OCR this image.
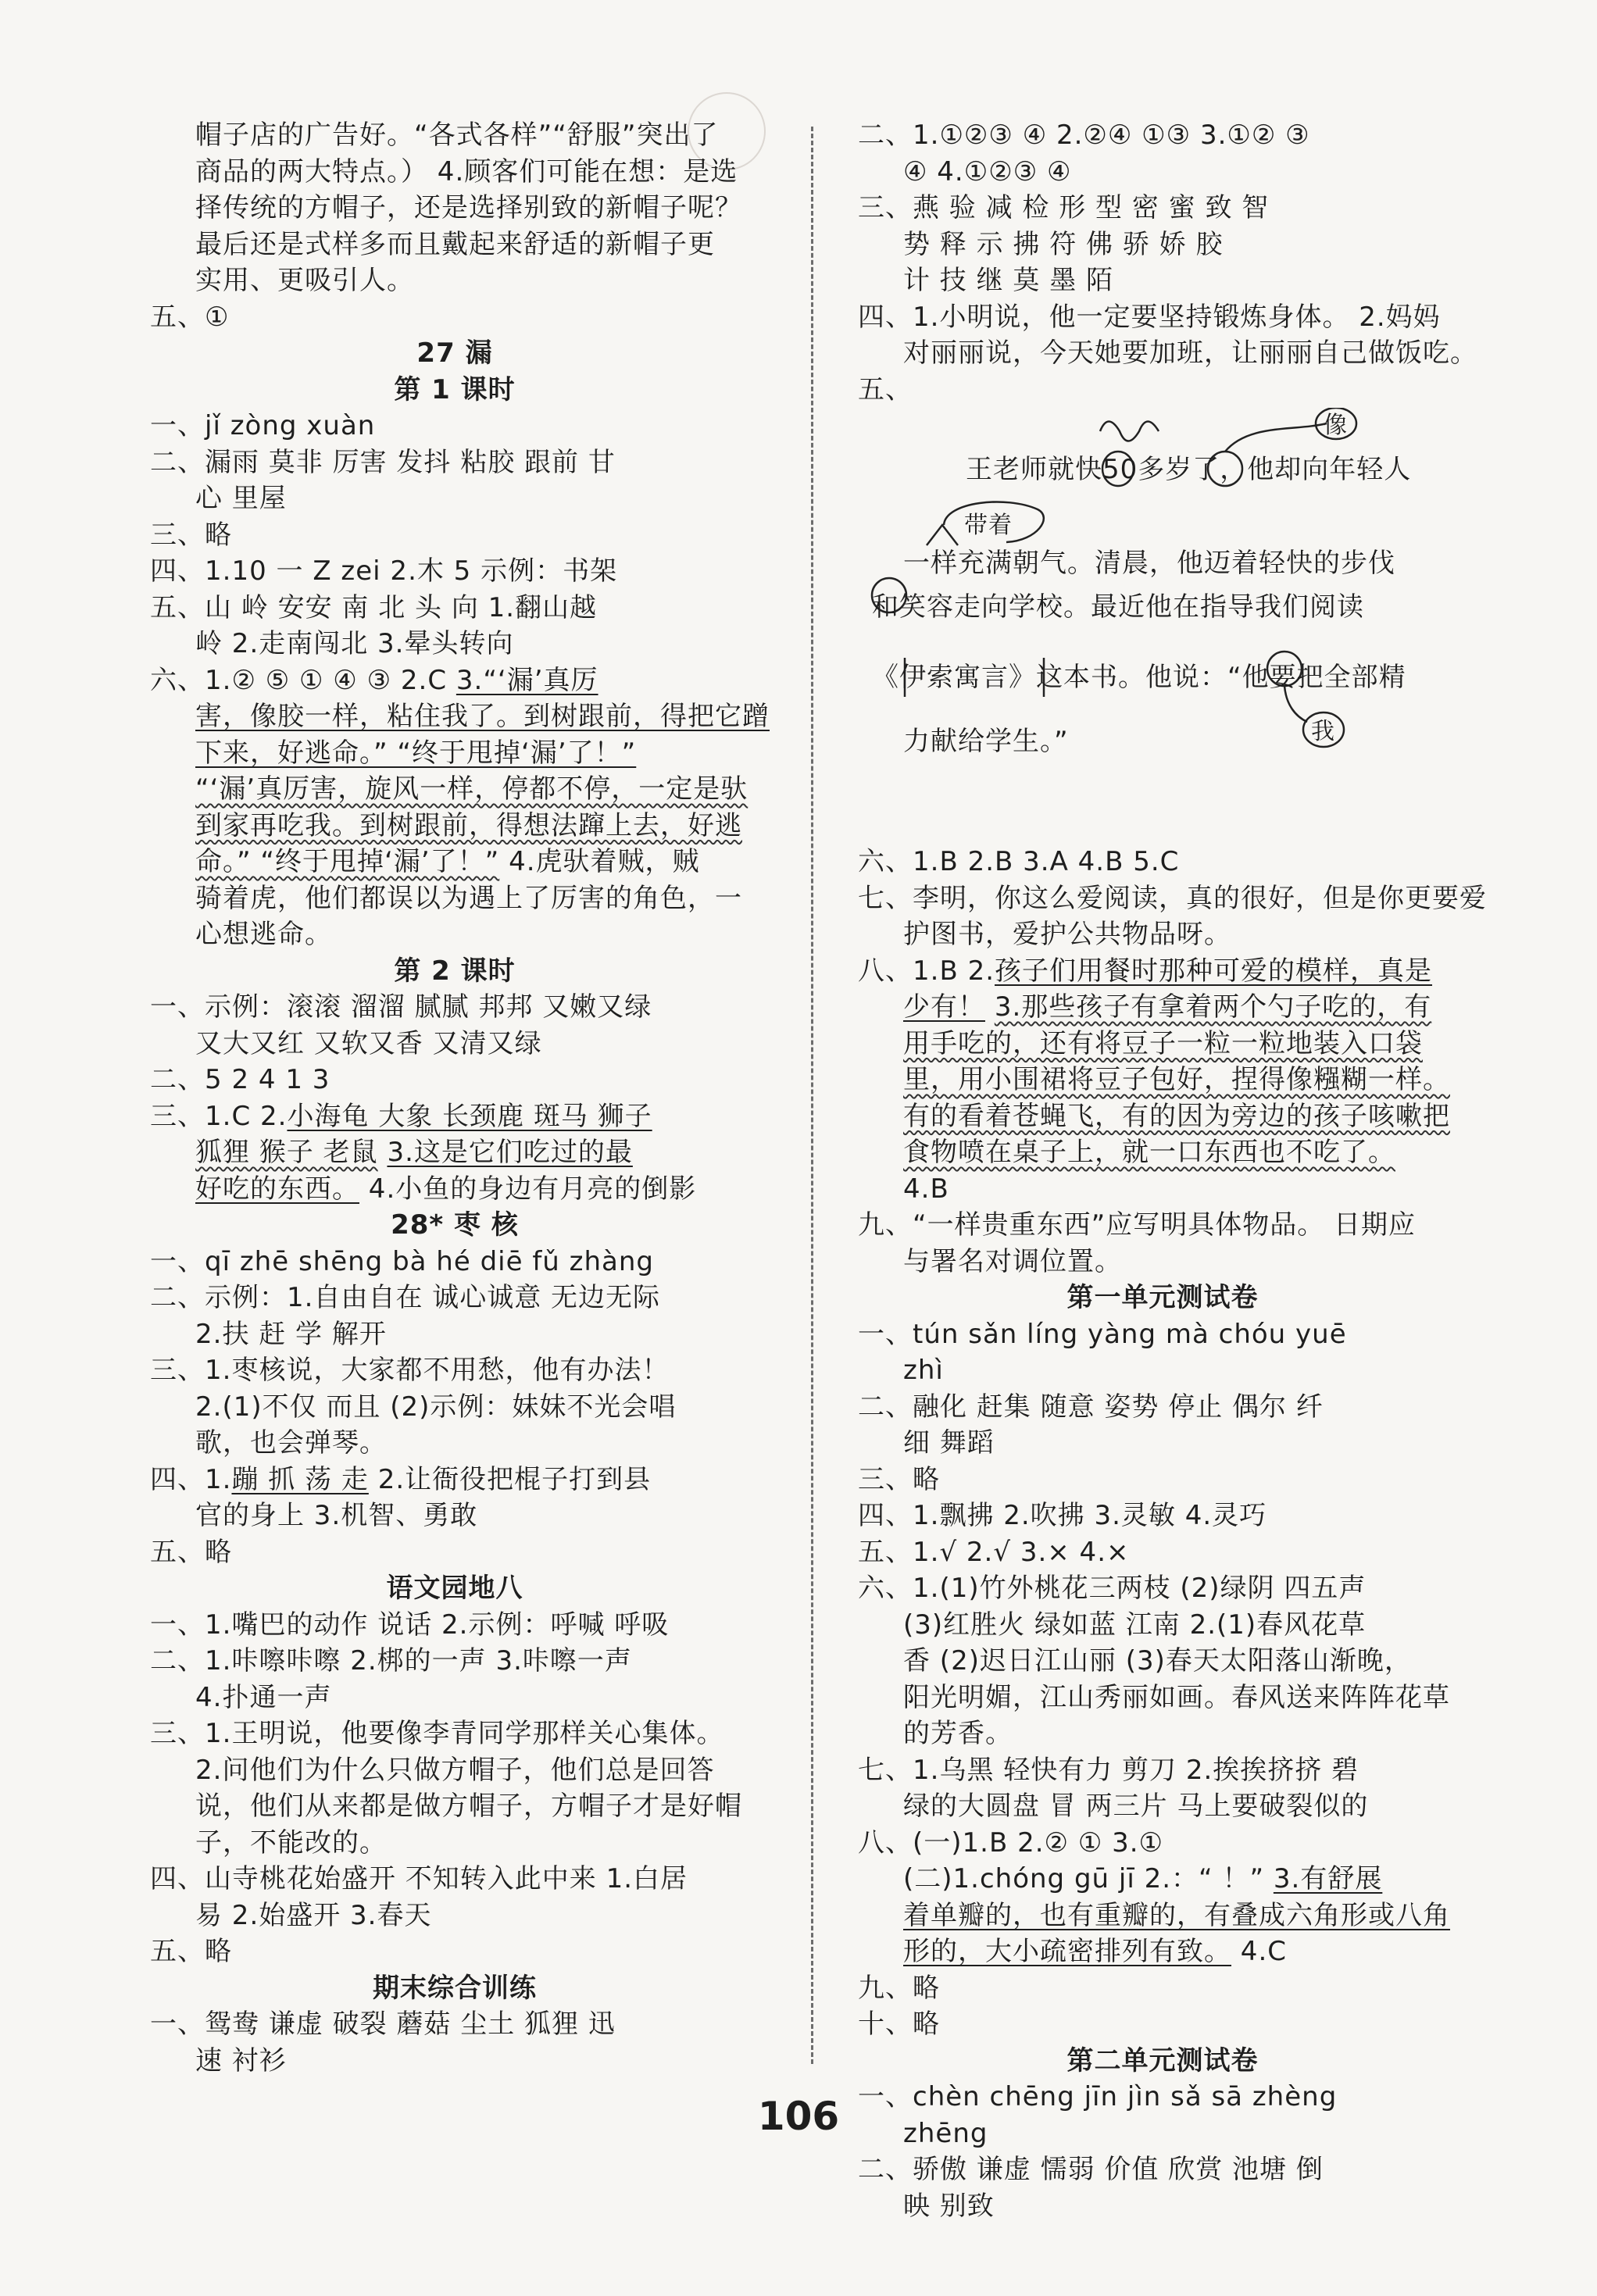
帽子店的广告好。“各式各样”“舒服”突出了
商品的两大特点。） 4.顾客们可能在想：是选
择传统的方帽子，还是选择别致的新帽子呢？
最后还是式样多而且戴起来舒适的新帽子更
实用、更吸引人。
五、①
27 漏
第 1 课时
一、jǐ zòng xuàn
二、漏雨 莫非 厉害 发抖 粘胶 跟前 甘
心 里屋
三、略
四、1.10 一 Z zei 2.木 5 示例：书架
五、山 岭 安安 南 北 头 向 1.翻山越
岭 2.走南闯北 3.晕头转向
六、1.② ⑤ ① ④ ③ 2.C 3.“‘漏’真厉
害，像胶一样，粘住我了。到树跟前，得把它蹭
下来，好逃命。” “终于甩掉‘漏’了！”
“‘漏’真厉害，旋风一样，停都不停，一定是驮
到家再吃我。到树跟前，得想法蹿上去，好逃
命。” “终于甩掉‘漏’了！” 4.虎驮着贼，贼
骑着虎，他们都误以为遇上了厉害的角色，一
心想逃命。
第 2 课时
一、示例：滚滚 溜溜 腻腻 邦邦 又嫩又绿
又大又红 又软又香 又清又绿
二、5 2 4 1 3
三、1.C 2.小海龟 大象 长颈鹿 斑马 狮子
狐狸 猴子 老鼠 3.这是它们吃过的最
好吃的东西。 4.小鱼的身边有月亮的倒影
28* 枣 核
一、qī zhē shēng bà hé diē fǔ zhàng
二、示例：1.自由自在 诚心诚意 无边无际
2.扶 赶 学 解开
三、1.枣核说，大家都不用愁，他有办法！
2.(1)不仅 而且 (2)示例：妹妹不光会唱
歌，也会弹琴。
四、1.蹦 抓 荡 走 2.让衙役把棍子打到县
官的身上 3.机智、勇敢
五、略
语文园地八
一、1.嘴巴的动作 说话 2.示例：呼喊 呼吸
二、1.咔嚓咔嚓 2.梆的一声 3.咔嚓一声
4.扑通一声
三、1.王明说，他要像李青同学那样关心集体。
2.问他们为什么只做方帽子，他们总是回答
说，他们从来都是做方帽子，方帽子才是好帽
子，不能改的。
四、山寺桃花始盛开 不知转入此中来 1.白居
易 2.始盛开 3.春天
五、略
期末综合训练
一、鸳鸯 谦虚 破裂 蘑菇 尘土 狐狸 迅
速 衬衫
二、1.①②③ ④ 2.②④ ①③ 3.①② ③
④ 4.①②③ ④
三、燕 验 减 检 形 型 密 蜜 致 智
势 释 示 拂 符 佛 骄 娇 胶
计 技 继 莫 墨 陌
四、1.小明说，他一定要坚持锻炼身体。 2.妈妈
对丽丽说，今天她要加班，让丽丽自己做饭吃。
五、
像
带着
我
王老师就快50多岁了，他却向年轻人
一样充满朝气。清晨，他迈着轻快的步伐
和笑容走向学校。最近他在指导我们阅读
《伊索寓言》这本书。他说：“他要把全部精
力献给学生。”
六、1.B 2.B 3.A 4.B 5.C
七、李明，你这么爱阅读，真的很好，但是你更要爱
护图书，爱护公共物品呀。
八、1.B 2.孩子们用餐时那种可爱的模样，真是
少有！ 3.那些孩子有拿着两个勺子吃的，有
用手吃的，还有将豆子一粒一粒地装入口袋
里，用小围裙将豆子包好，捏得像糨糊一样。
有的看着苍蝇飞，有的因为旁边的孩子咳嗽把
食物喷在桌子上，就一口东西也不吃了。
4.B
九、“一样贵重东西”应写明具体物品。 日期应
与署名对调位置。
第一单元测试卷
一、tún sǎn líng yàng mà chóu yuē
zhì
二、融化 赶集 随意 姿势 停止 偶尔 纤
细 舞蹈
三、略
四、1.飘拂 2.吹拂 3.灵敏 4.灵巧
五、1.√ 2.√ 3.× 4.×
六、1.(1)竹外桃花三两枝 (2)绿阴 四五声
(3)红胜火 绿如蓝 江南 2.(1)春风花草
香 (2)迟日江山丽 (3)春天太阳落山渐晚，
阳光明媚，江山秀丽如画。春风送来阵阵花草
的芳香。
七、1.乌黑 轻快有力 剪刀 2.挨挨挤挤 碧
绿的大圆盘 冒 两三片 马上要破裂似的
八、(一)1.B 2.② ① 3.①
(二)1.chóng gū jī 2.：“ ！” 3.有舒展
着单瓣的，也有重瓣的，有叠成六角形或八角
形的，大小疏密排列有致。 4.C
九、略
十、略
第二单元测试卷
一、chèn chēng jīn jìn sǎ sā zhèng
zhēng
二、骄傲 谦虚 懦弱 价值 欣赏 池塘 倒
映 别致
106
